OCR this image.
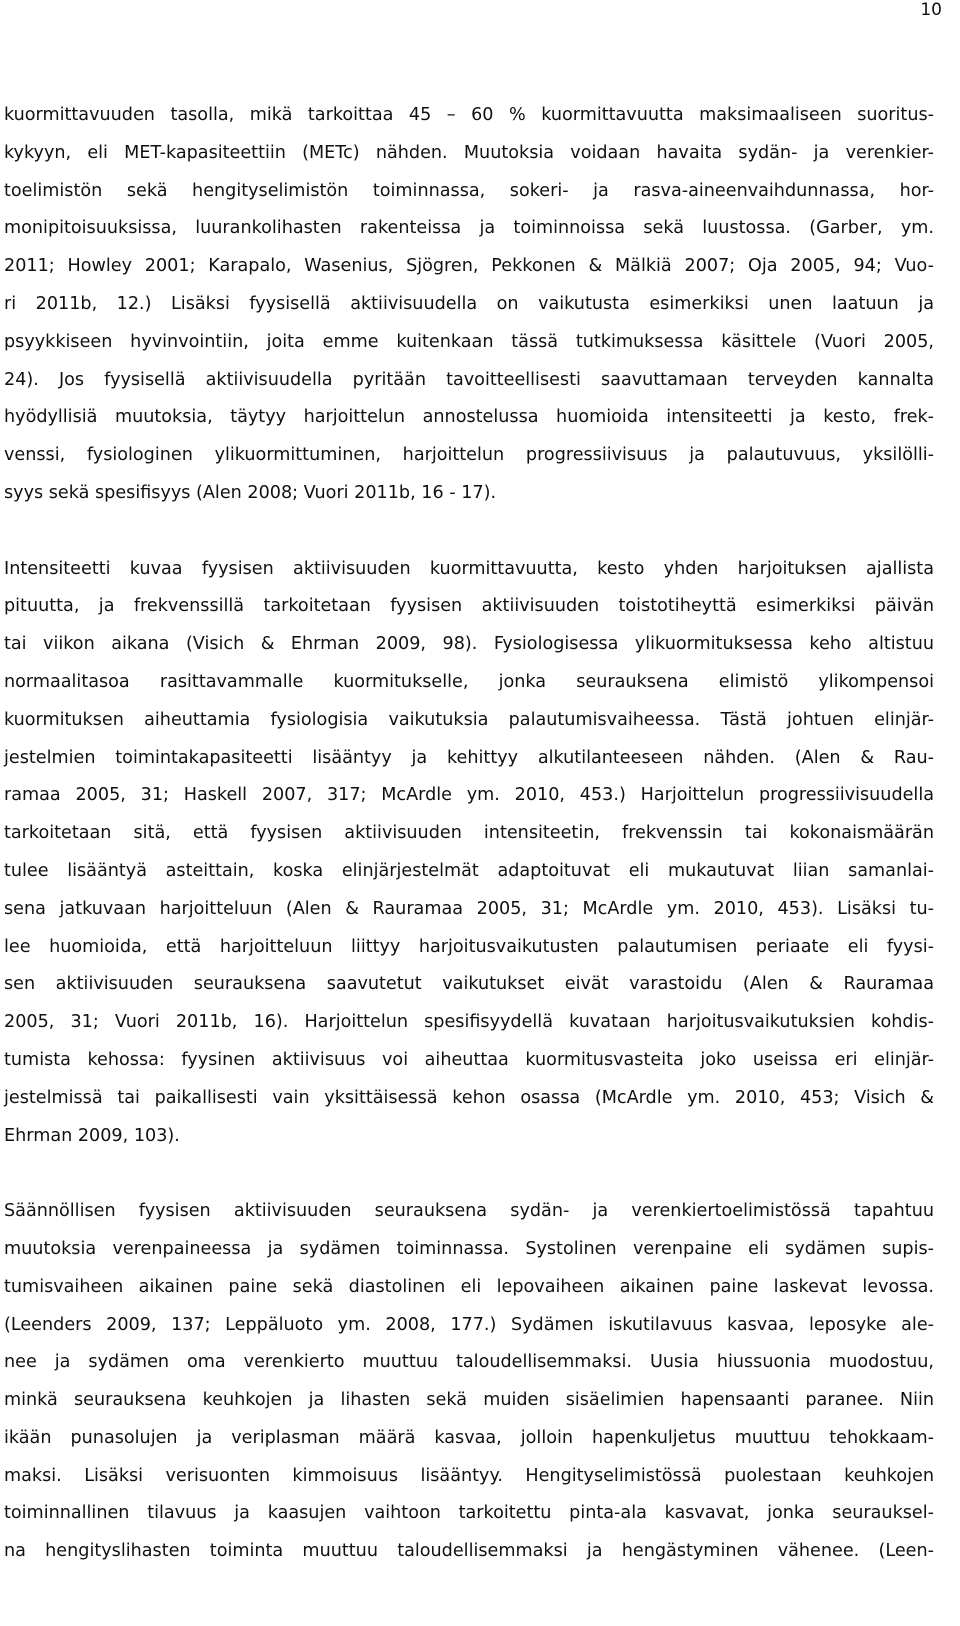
10
kuormittavuuden tasolla, mikä tarkoittaa 45 – 60 % kuormittavuutta maksimaaliseen suoritus-
kykyyn, eli MET-kapasiteettiin (METc) nähden. Muutoksia voidaan havaita sydän- ja verenkier-
toelimistön sekä hengityselimistön toiminnassa, sokeri- ja rasva-aineenvaihdunnassa, hor-
monipitoisuuksissa, luurankolihasten rakenteissa ja toiminnoissa sekä luustossa. (Garber, ym.
2011; Howley 2001; Karapalo, Wasenius, Sjögren, Pekkonen & Mälkiä 2007; Oja 2005, 94; Vuo-
ri 2011b, 12.) Lisäksi fyysisellä aktiivisuudella on vaikutusta esimerkiksi unen laatuun ja
psyykkiseen hyvinvointiin, joita emme kuitenkaan tässä tutkimuksessa käsittele (Vuori 2005,
24). Jos fyysisellä aktiivisuudella pyritään tavoitteellisesti saavuttamaan terveyden kannalta
hyödyllisiä muutoksia, täytyy harjoittelun annostelussa huomioida intensiteetti ja kesto, frek-
venssi, fysiologinen ylikuormittuminen, harjoittelun progressiivisuus ja palautuvuus, yksilölli-
syys sekä spesifisyys (Alen 2008; Vuori 2011b, 16 - 17).
Intensiteetti kuvaa fyysisen aktiivisuuden kuormittavuutta, kesto yhden harjoituksen ajallista
pituutta, ja frekvenssillä tarkoitetaan fyysisen aktiivisuuden toistotiheyttä esimerkiksi päivän
tai viikon aikana (Visich & Ehrman 2009, 98). Fysiologisessa ylikuormituksessa keho altistuu
normaalitasoa rasittavammalle kuormitukselle, jonka seurauksena elimistö ylikompensoi
kuormituksen aiheuttamia fysiologisia vaikutuksia palautumisvaiheessa. Tästä johtuen elinjär-
jestelmien toimintakapasiteetti lisääntyy ja kehittyy alkutilanteeseen nähden. (Alen & Rau-
ramaa 2005, 31; Haskell 2007, 317; McArdle ym. 2010, 453.) Harjoittelun progressiivisuudella
tarkoitetaan sitä, että fyysisen aktiivisuuden intensiteetin, frekvenssin tai kokonaismäärän
tulee lisääntyä asteittain, koska elinjärjestelmät adaptoituvat eli mukautuvat liian samanlai-
sena jatkuvaan harjoitteluun (Alen & Rauramaa 2005, 31; McArdle ym. 2010, 453). Lisäksi tu-
lee huomioida, että harjoitteluun liittyy harjoitusvaikutusten palautumisen periaate eli fyysi-
sen aktiivisuuden seurauksena saavutetut vaikutukset eivät varastoidu (Alen & Rauramaa
2005, 31; Vuori 2011b, 16). Harjoittelun spesifisyydellä kuvataan harjoitusvaikutuksien kohdis-
tumista kehossa: fyysinen aktiivisuus voi aiheuttaa kuormitusvasteita joko useissa eri elinjär-
jestelmissä tai paikallisesti vain yksittäisessä kehon osassa (McArdle ym. 2010, 453; Visich &
Ehrman 2009, 103).
Säännöllisen fyysisen aktiivisuuden seurauksena sydän- ja verenkiertoelimistössä tapahtuu
muutoksia verenpaineessa ja sydämen toiminnassa. Systolinen verenpaine eli sydämen supis-
tumisvaiheen aikainen paine sekä diastolinen eli lepovaiheen aikainen paine laskevat levossa.
(Leenders 2009, 137; Leppäluoto ym. 2008, 177.) Sydämen iskutilavuus kasvaa, leposyke ale-
nee ja sydämen oma verenkierto muuttuu taloudellisemmaksi. Uusia hiussuonia muodostuu,
minkä seurauksena keuhkojen ja lihasten sekä muiden sisäelimien hapensaanti paranee. Niin
ikään punasolujen ja veriplasman määrä kasvaa, jolloin hapenkuljetus muuttuu tehokkaam-
maksi. Lisäksi verisuonten kimmoisuus lisääntyy. Hengityselimistössä puolestaan keuhkojen
toiminnallinen tilavuus ja kaasujen vaihtoon tarkoitettu pinta-ala kasvavat, jonka seurauksel-
na hengityslihasten toiminta muuttuu taloudellisemmaksi ja hengästyminen vähenee. (Leen-
